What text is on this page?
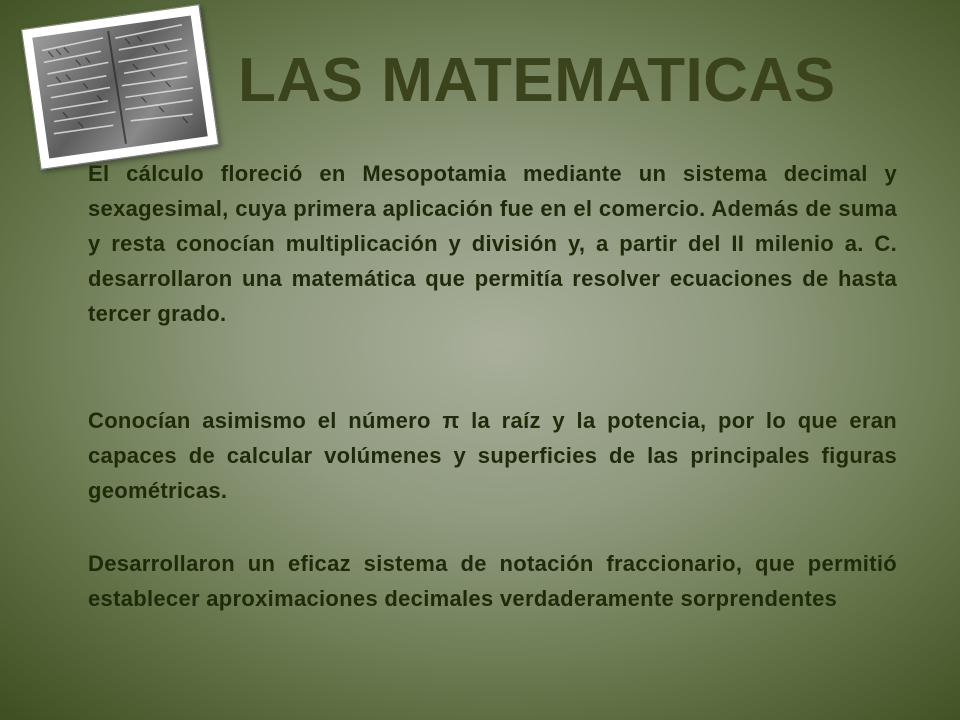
LAS MATEMATICAS

El cálculo floreció en Mesopotamia mediante un sistema decimal y sexagesimal, cuya primera aplicación fue en el comercio. Además de suma y resta conocían multiplicación y división y, a partir del II milenio a. C. desarrollaron una matemática que permitía resolver ecuaciones de hasta tercer grado.

Conocían asimismo el número π la raíz y la potencia, por lo que eran capaces de calcular volúmenes y superficies de las principales figuras geométricas.

Desarrollaron un eficaz sistema de notación fraccionario, que permitió establecer aproximaciones decimales verdaderamente sorprendentes
